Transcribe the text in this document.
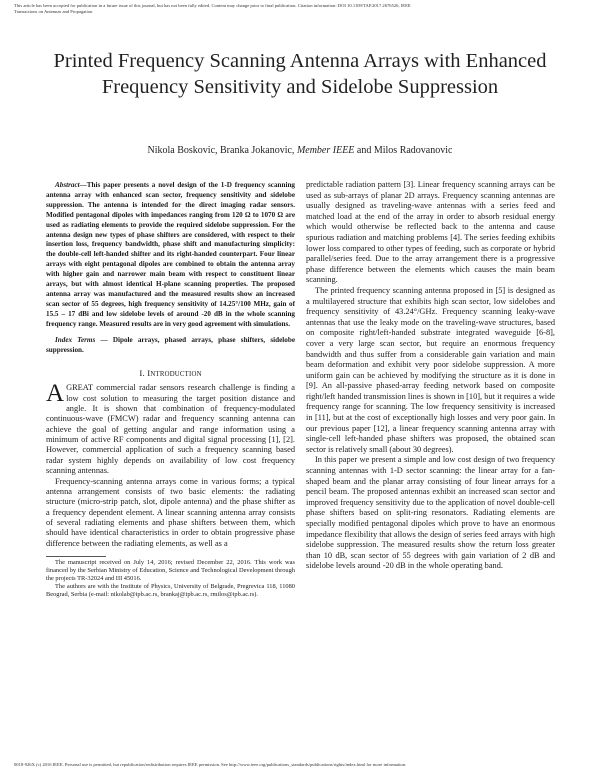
This article has been accepted for publication in a future issue of this journal, but has not been fully edited. Content may change prior to final publication. Citation information: DOI 10.1109/TAP.2017.2676526, IEEE
Transactions on Antennas and Propagation
Printed Frequency Scanning Antenna Arrays with Enhanced Frequency Sensitivity and Sidelobe Suppression
Nikola Boskovic, Branka Jokanovic, Member IEEE and Milos Radovanovic

Abstract—This paper presents a novel design of the 1-D frequency scanning antenna array with enhanced scan sector, frequency sensitivity and sidelobe suppression. The antenna is intended for the direct imaging radar sensors. Modified pentagonal dipoles with impedances ranging from 120 Ω to 1070 Ω are used as radiating elements to provide the required sidelobe suppression. For the antenna design new types of phase shifters are considered, with respect to their insertion loss, frequency bandwidth, phase shift and manufacturing simplicity: the double-cell left-handed shifter and its right-handed counterpart. Four linear arrays with eight pentagonal dipoles are combined to obtain the antenna array with higher gain and narrower main beam with respect to constituent linear arrays, but with almost identical H-plane scanning properties. The proposed antenna array was manufactured and the measured results show an increased scan sector of 55 degrees, high frequency sensitivity of 14.25°/100 MHz, gain of 15.5 – 17 dBi and low sidelobe levels of around -20 dB in the whole scanning frequency range. Measured results are in very good agreement with simulations.

Index Terms — Dipole arrays, phased arrays, phase shifters, sidelobe suppression.

I. INTRODUCTION

AGREAT commercial radar sensors research challenge is finding a low cost solution to measuring the target position distance and angle. It is shown that combination of frequency-modulated continuous-wave (FMCW) radar and frequency scanning antenna can achieve the goal of getting angular and range information using a minimum of active RF components and digital signal processing [1], [2]. However, commercial application of such a frequency scanning based radar system highly depends on availability of low cost frequency scanning antennas.

Frequency-scanning antenna arrays come in various forms; a typical antenna arrangement consists of two basic elements: the radiating structure (micro-strip patch, slot, dipole antenna) and the phase shifter as a frequency dependent element. A linear scanning antenna array consists of several radiating elements and phase shifters between them, which should have identical characteristics in order to obtain progressive phase difference between the radiating elements, as well as a

The manuscript received on July 14, 2016; revised December 22, 2016. This work was financed by the Serbian Ministry of Education, Science and Technological Development through the projects TR-32024 and III 45016.

The authors are with the Institute of Physics, University of Belgrade, Pregrevica 118, 11080 Beograd, Serbia (e-mail: nikolab@ipb.ac.rs, brankaj@ipb.ac.rs, rmilos@ipb.ac.rs).

predictable radiation pattern [3]. Linear frequency scanning arrays can be used as sub-arrays of planar 2D arrays. Frequency scanning antennas are usually designed as traveling-wave antennas with a series feed and matched load at the end of the array in order to absorb residual energy which would otherwise be reflected back to the antenna and cause spurious radiation and matching problems [4]. The series feeding exhibits lower loss compared to other types of feeding, such as corporate or hybrid parallel/series feed. Due to the array arrangement there is a progressive phase difference between the elements which causes the main beam scanning.

The printed frequency scanning antenna proposed in [5] is designed as a multilayered structure that exhibits high scan sector, low sidelobes and frequency sensitivity of 43.24°/GHz. Frequency scanning leaky-wave antennas that use the leaky mode on the traveling-wave structures, based on composite right/left-handed substrate integrated waveguide [6-8], cover a very large scan sector, but require an enormous frequency bandwidth and thus suffer from a considerable gain variation and main beam deformation and exhibit very poor sidelobe suppression. A more uniform gain can be achieved by modifying the structure as it is done in [9]. An all-passive phased-array feeding network based on composite right/left handed transmission lines is shown in [10], but it requires a wide frequency range for scanning. The low frequency sensitivity is increased in [11], but at the cost of exceptionally high losses and very poor gain. In our previous paper [12], a linear frequency scanning antenna array with single-cell left-handed phase shifters was proposed, the obtained scan sector is relatively small (about 30 degrees).

In this paper we present a simple and low cost design of two frequency scanning antennas with 1-D sector scanning: the linear array for a fan-shaped beam and the planar array consisting of four linear arrays for a pencil beam. The proposed antennas exhibit an increased scan sector and improved frequency sensitivity due to the application of novel double-cell phase shifters based on split-ring resonators. Radiating elements are specially modified pentagonal dipoles which prove to have an enormous impedance flexibility that allows the design of series feed arrays with high sidelobe suppression. The measured results show the return loss greater than 10 dB, scan sector of 55 degrees with gain variation of 2 dB and sidelobe levels around -20 dB in the whole operating band.

0018-926X (c) 2016 IEEE. Personal use is permitted, but republication/redistribution requires IEEE permission. See http://www.ieee.org/publications_standards/publications/rights/index.html for more information.
